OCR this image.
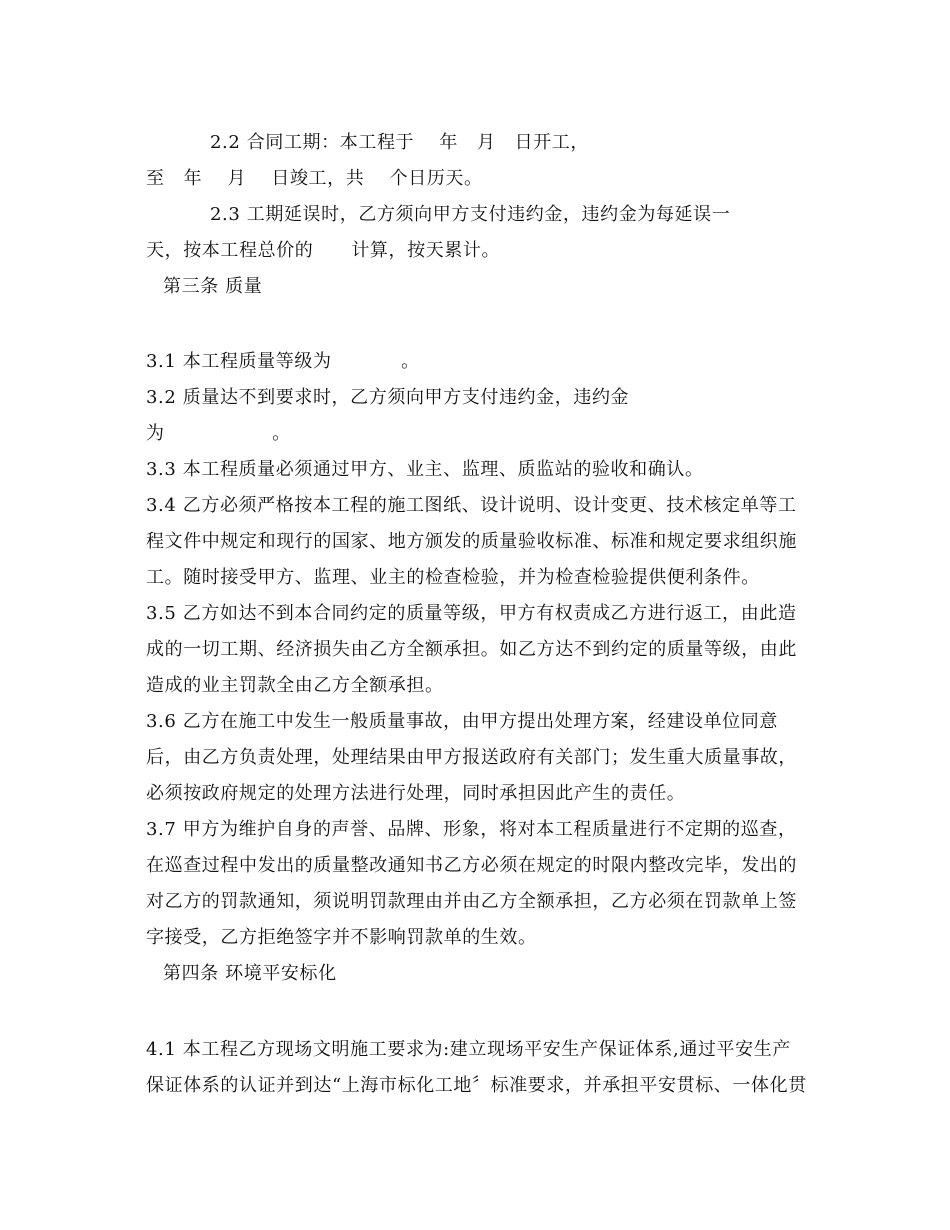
2.2 合同工期：本工程于    年   月   日开工，
至   年    月    日竣工，共    个日历天。
2.3 工期延误时，乙方须向甲方支付违约金，违约金为每延误一
天，按本工程总价的      计算，按天累计。
第三条 质量
3.1 本工程质量等级为           。
3.2 质量达不到要求时，乙方须向甲方支付违约金，违约金
为                 。
3.3 本工程质量必须通过甲方、业主、监理、质监站的验收和确认。
3.4 乙方必须严格按本工程的施工图纸、设计说明、设计变更、技术核定单等工
程文件中规定和现行的国家、地方颁发的质量验收标准、标准和规定要求组织施
工。随时接受甲方、监理、业主的检查检验，并为检查检验提供便利条件。
3.5 乙方如达不到本合同约定的质量等级，甲方有权责成乙方进行返工，由此造
成的一切工期、经济损失由乙方全额承担。如乙方达不到约定的质量等级，由此
造成的业主罚款全由乙方全额承担。
3.6 乙方在施工中发生一般质量事故，由甲方提出处理方案，经建设单位同意
后，由乙方负责处理，处理结果由甲方报送政府有关部门；发生重大质量事故，
必须按政府规定的处理方法进行处理，同时承担因此产生的责任。
3.7 甲方为维护自身的声誉、品牌、形象，将对本工程质量进行不定期的巡查，
在巡查过程中发出的质量整改通知书乙方必须在规定的时限内整改完毕，发出的
对乙方的罚款通知，须说明罚款理由并由乙方全额承担，乙方必须在罚款单上签
字接受，乙方拒绝签字并不影响罚款单的生效。
第四条 环境平安标化
4.1 本工程乙方现场文明施工要求为:建立现场平安生产保证体系,通过平安生产
保证体系的认证并到达“上海市标化工地〞标准要求，并承担平安贯标、一体化贯
